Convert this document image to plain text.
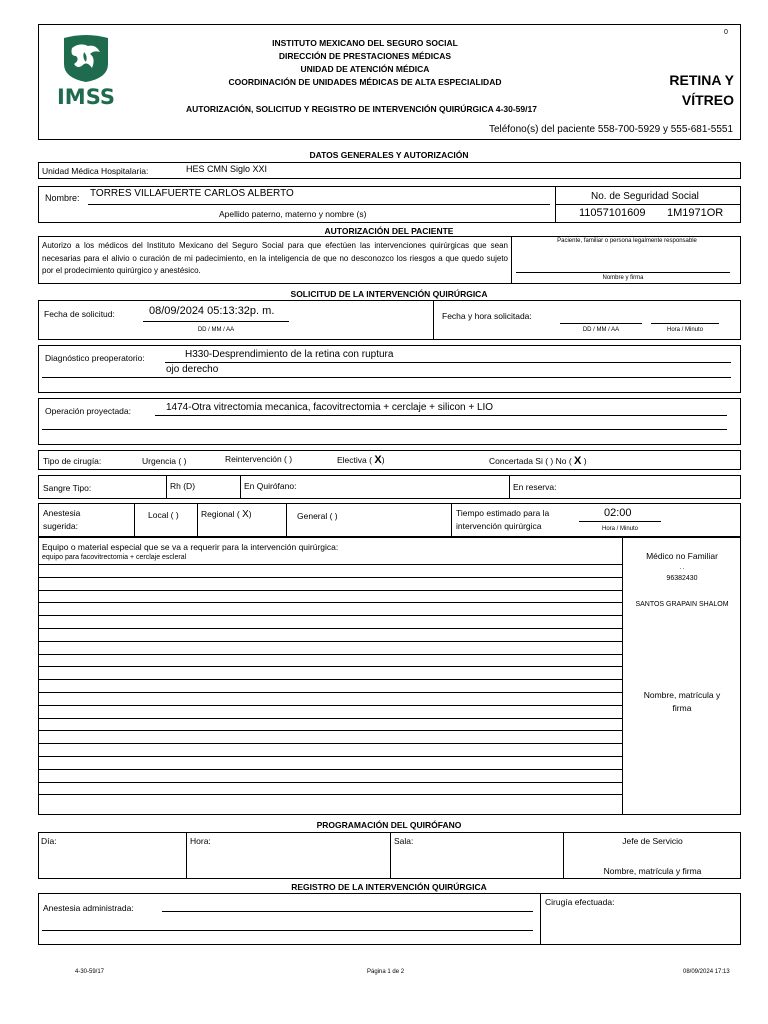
0
IMSS
INSTITUTO MEXICANO DEL SEGURO SOCIAL
DIRECCIÓN DE PRESTACIONES MÉDICAS
UNIDAD DE ATENCIÓN MÉDICA
COORDINACIÓN DE UNIDADES MÉDICAS DE ALTA ESPECIALIDAD
AUTORIZACIÓN, SOLICITUD Y REGISTRO DE INTERVENCIÓN QUIRÚRGICA 4-30-59/17
RETINA Y
VÍTREO
Teléfono(s) del paciente 558-700-5929 y 555-681-5551
DATOS GENERALES Y AUTORIZACIÓN
Unidad Médica Hospitalaria:	HES CMN Siglo XXI
Nombre: TORRES VILLAFUERTE CARLOS ALBERTO
Apellido paterno, materno y nombre (s)
No. de Seguridad Social
11057101609 1M1971OR
AUTORIZACIÓN DEL PACIENTE
Autorizo a los médicos del Instituto Mexicano del Seguro Social para que efectúen las intervenciones quirúrgicas que sean necesarias para el alivio o curación de mi padecimiento, en la inteligencia de que no desconozco los riesgos a que quedo sujeto por el prodecimiento quirúrgico y anestésico.
Paciente, familiar o persona legalmente responsable
Nombre y firma
SOLICITUD DE LA INTERVENCIÓN QUIRÚRGICA
Fecha de solicitud:	08/09/2024 05:13:32p. m.
DD / MM / AA
Fecha y hora solicitada:
DD / MM / AA	Hora / Minuto
Diagnóstico preoperatorio:	H330-Desprendimiento de la retina con ruptura
ojo derecho
Operación proyectada:	1474-Otra vitrectomia mecanica, facovitrectomia + cerclaje + silicon + LIO
Tipo de cirugía:	Urgencia ( )	Reintervención ( )	Electiva ( X)	Concertada Si ( ) No ( X )
Sangre Tipo:	Rh (D)	En Quirófano:	En reserva:
Anestesia
sugerida:
Local ( )	Regional ( X)	General ( )	Tiempo estimado para la
intervención quirúrgica
02:00
Hora / Minuto
Equipo o material especial que se va a requerir para la intervención quirúrgica:
equipo para facovitrectomia + cerclaje escleral	Médico no Familiar
. .
96382430
SANTOS GRAPAIN SHALOM
Nombre, matrícula y
firma
PROGRAMACIÓN DEL QUIRÓFANO
Día:	Hora:	Sala:	Jefe de Servicio
Nombre, matrícula y firma
REGISTRO DE LA INTERVENCIÓN QUIRÚRGICA
Anestesia administrada:
Cirugía efectuada:
4-30-59/17	Página 1 de 2	08/09/2024 17:13
